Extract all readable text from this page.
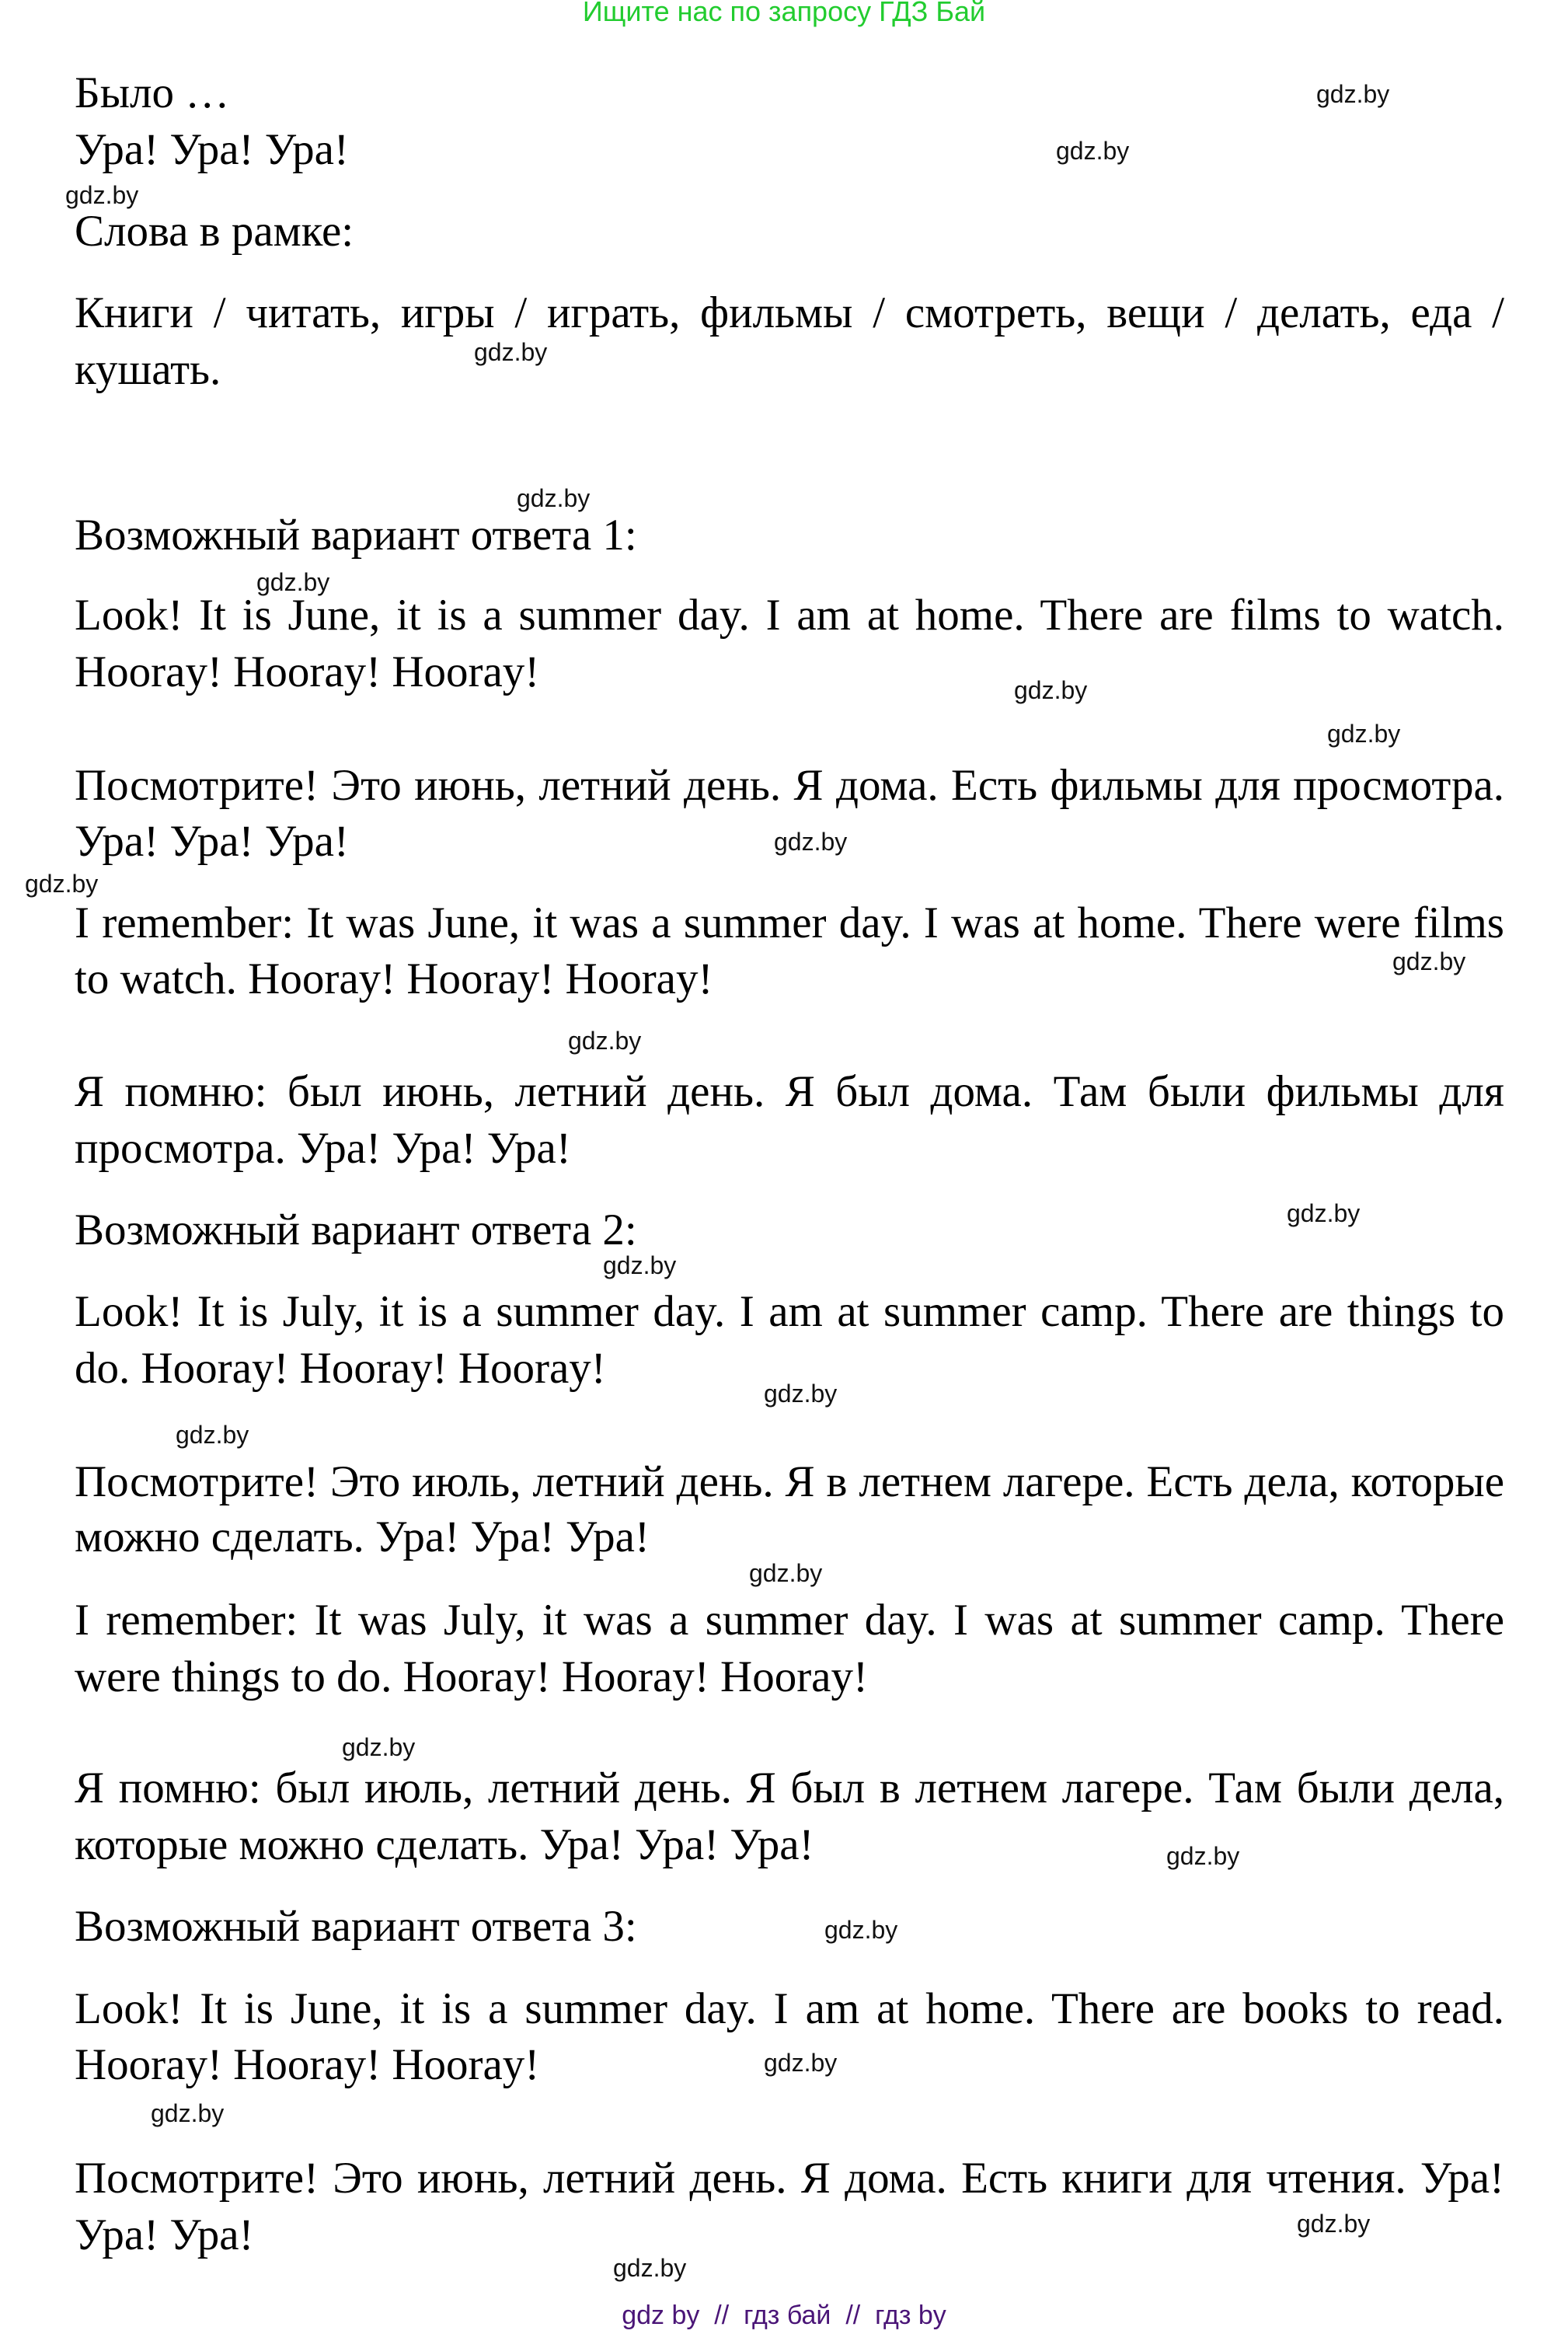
Ищите нас по запросу ГДЗ Бай
Было …
Ура! Ура! Ура!
Слова в рамке:
Книги / читать, игры / играть, фильмы / смотреть, вещи / делать, еда /
кушать.
Возможный вариант ответа 1:
Look! It is June, it is a summer day. I am at home. There are films to watch.
Hooray! Hooray! Hooray!
Посмотрите! Это июнь, летний день. Я дома. Есть фильмы для просмотра.
Ура! Ура! Ура!
I remember: It was June, it was a summer day. I was at home. There were films
to watch. Hooray! Hooray! Hooray!
Я помню: был июнь, летний день. Я был дома. Там были фильмы для
просмотра. Ура! Ура! Ура!
Возможный вариант ответа 2:
Look! It is July, it is a summer day. I am at summer camp. There are things to
do. Hooray! Hooray! Hooray!
Посмотрите! Это июль, летний день. Я в летнем лагере. Есть дела, которые
можно сделать. Ура! Ура! Ура!
I remember: It was July, it was a summer day. I was at summer camp. There
were things to do. Hooray! Hooray! Hooray!
Я помню: был июль, летний день. Я был в летнем лагере. Там были дела,
которые можно сделать. Ура! Ура! Ура!
Возможный вариант ответа 3:
Look! It is June, it is a summer day. I am at home. There are books to read.
Hooray! Hooray! Hooray!
Посмотрите! Это июнь, летний день. Я дома. Есть книги для чтения. Ура!
Ура! Ура!
gdz.by
gdz.by
gdz.by
gdz.by
gdz.by
gdz.by
gdz.by
gdz.by
gdz.by
gdz.by
gdz.by
gdz.by
gdz.by
gdz.by
gdz.by
gdz.by
gdz.by
gdz.by
gdz.by
gdz.by
gdz.by
gdz.by
gdz.by
gdz.by
gdz by  //  гдз бай  //  гдз by
